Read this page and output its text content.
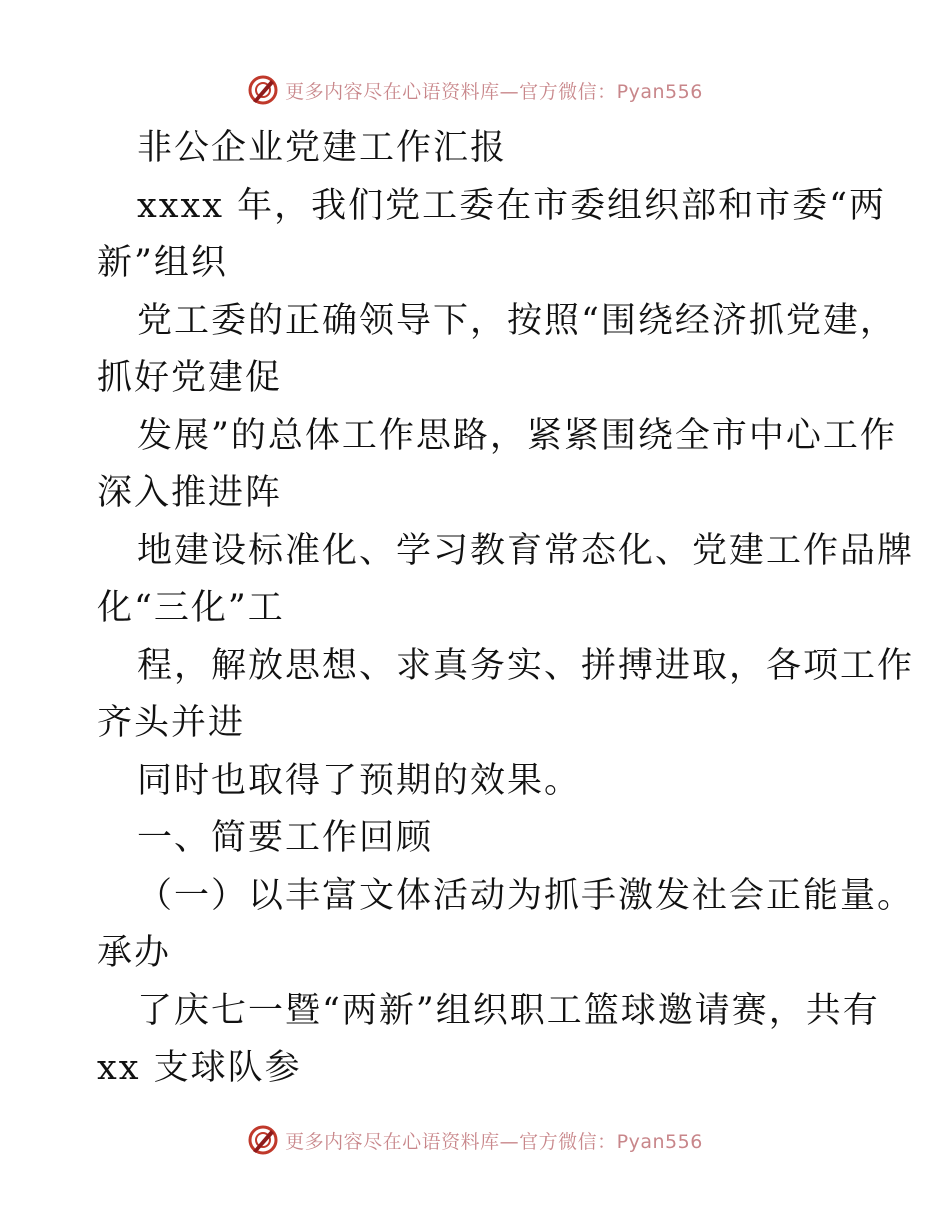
更多内容尽在心语资料库—官方微信：Pyan556
非公企业党建工作汇报
xxxx 年，我们党工委在市委组织部和市委“两
新”组织
党工委的正确领导下，按照“围绕经济抓党建，
抓好党建促
发展”的总体工作思路，紧紧围绕全市中心工作
深入推进阵
地建设标准化、学习教育常态化、党建工作品牌
化“三化”工
程，解放思想、求真务实、拼搏进取，各项工作
齐头并进
同时也取得了预期的效果。
一、简要工作回顾
（一）以丰富文体活动为抓手激发社会正能量。
承办
了庆七一暨“两新”组织职工篮球邀请赛，共有
xx 支球队参
更多内容尽在心语资料库—官方微信：Pyan556
